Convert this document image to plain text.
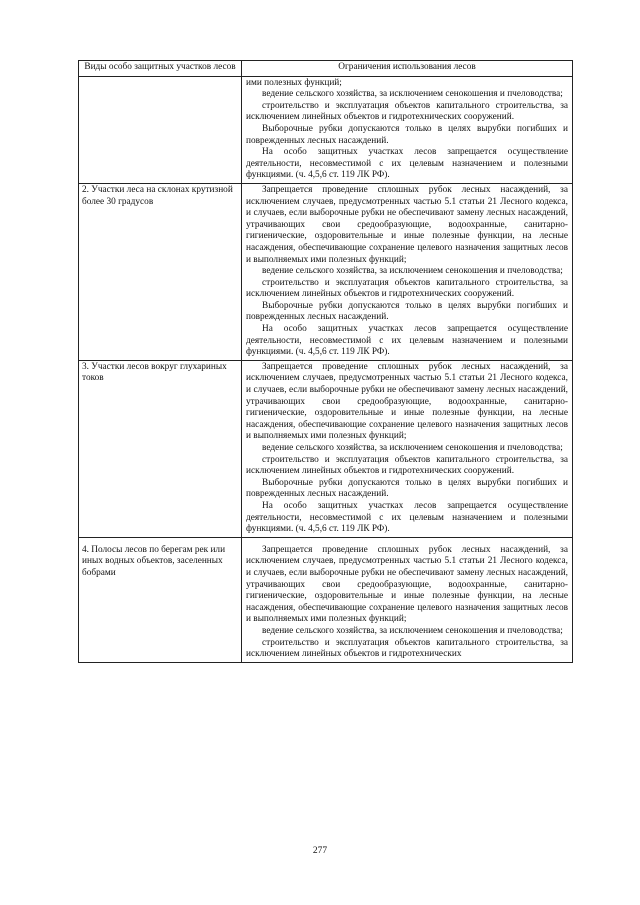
Виды особо защитных участков лесов	Ограничения использования лесов

	ими полезных функций;

ведение сельского хозяйства, за исключением сенокошения и пчеловодства;

строительство и эксплуатация объектов капитального строительства, за исключением линейных объектов и гидротехнических сооружений.

Выборочные рубки допускаются только в целях вырубки погибших и поврежденных лесных насаждений.

На особо защитных участках лесов запрещается осуществление деятельности, несовместимой с их целевым назначением и полезными функциями. (ч. 4,5,6 ст. 119 ЛК РФ).

2. Участки леса на склонах крутизной более 30 градусов	Запрещается проведение сплошных рубок лесных насаждений, за исключением случаев, предусмотренных частью 5.1 статьи 21 Лесного кодекса, и случаев, если выборочные рубки не обеспечивают замену лесных насаждений, утрачивающих свои средообразующие, водоохранные, санитарно-гигиенические, оздоровительные и иные полезные функции, на лесные насаждения, обеспечивающие сохранение целевого назначения защитных лесов и выполняемых ими полезных функций;

ведение сельского хозяйства, за исключением сенокошения и пчеловодства;

строительство и эксплуатация объектов капитального строительства, за исключением линейных объектов и гидротехнических сооружений.

Выборочные рубки допускаются только в целях вырубки погибших и поврежденных лесных насаждений.

На особо защитных участках лесов запрещается осуществление деятельности, несовместимой с их целевым назначением и полезными функциями. (ч. 4,5,6 ст. 119 ЛК РФ).

3. Участки лесов вокруг глухариных токов	Запрещается проведение сплошных рубок лесных насаждений, за исключением случаев, предусмотренных частью 5.1 статьи 21 Лесного кодекса, и случаев, если выборочные рубки не обеспечивают замену лесных насаждений, утрачивающих свои средообразующие, водоохранные, санитарно-гигиенические, оздоровительные и иные полезные функции, на лесные насаждения, обеспечивающие сохранение целевого назначения защитных лесов и выполняемых ими полезных функций;

ведение сельского хозяйства, за исключением сенокошения и пчеловодства;

строительство и эксплуатация объектов капитального строительства, за исключением линейных объектов и гидротехнических сооружений.

Выборочные рубки допускаются только в целях вырубки погибших и поврежденных лесных насаждений.

На особо защитных участках лесов запрещается осуществление деятельности, несовместимой с их целевым назначением и полезными функциями. (ч. 4,5,6 ст. 119 ЛК РФ).

4. Полосы лесов по берегам рек или иных водных объектов, заселенных бобрами	Запрещается проведение сплошных рубок лесных насаждений, за исключением случаев, предусмотренных частью 5.1 статьи 21 Лесного кодекса, и случаев, если выборочные рубки не обеспечивают замену лесных насаждений, утрачивающих свои средообразующие, водоохранные, санитарно-гигиенические, оздоровительные и иные полезные функции, на лесные насаждения, обеспечивающие сохранение целевого назначения защитных лесов и выполняемых ими полезных функций;

ведение сельского хозяйства, за исключением сенокошения и пчеловодства;

строительство и эксплуатация объектов капитального строительства, за исключением линейных объектов и гидротехнических

277
